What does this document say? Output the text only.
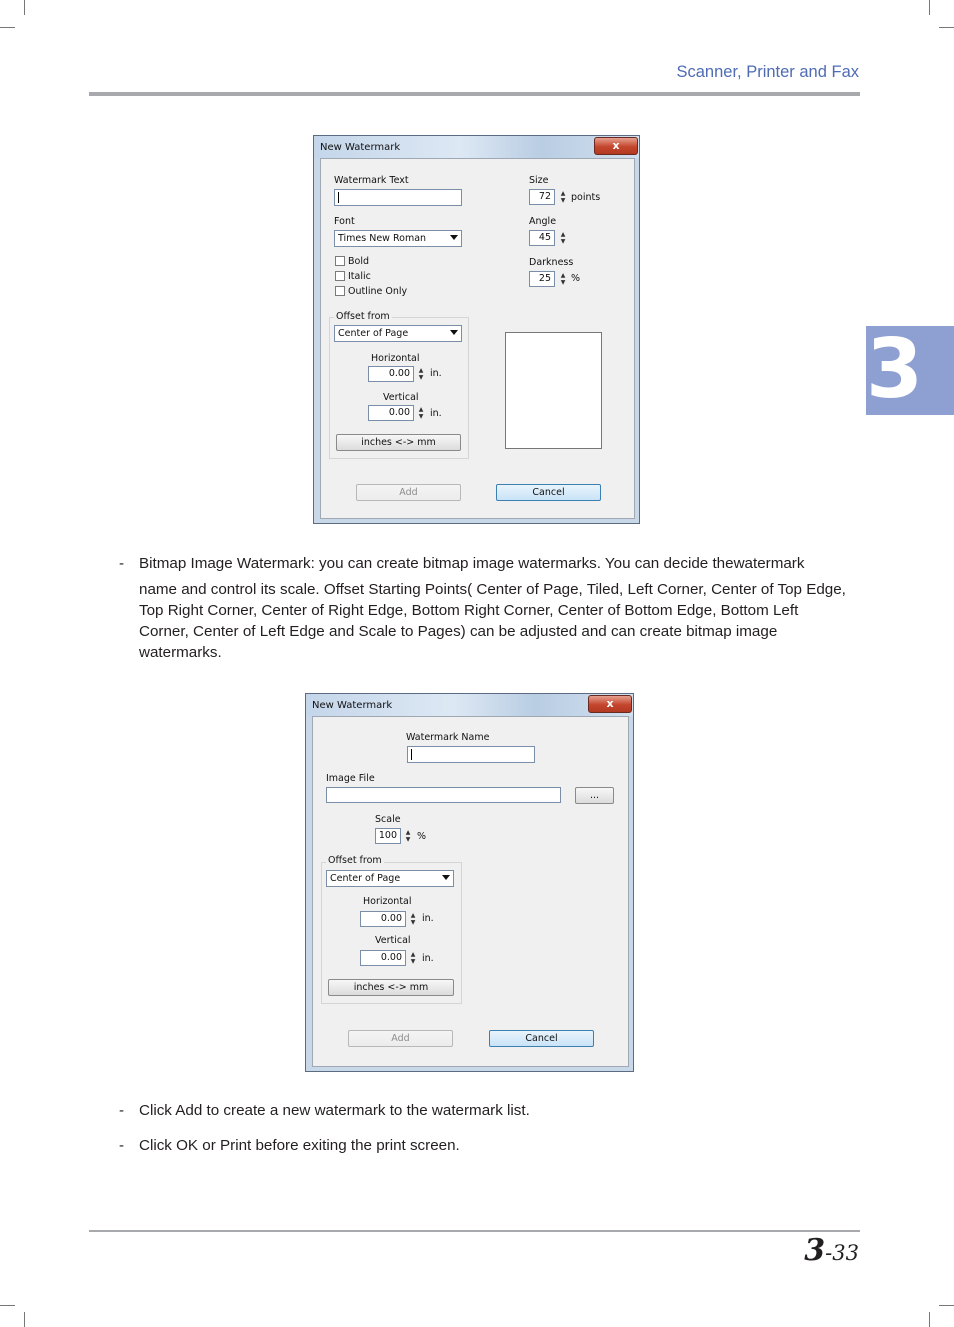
Scanner, Printer and Fax
3
New Watermark	x
Watermark Text	Size
72	▲
▼ points
Font
Times New Roman
Angle
45	▲
▼
Bold
Italic
Outline Only
Darkness
25	▲
▼ %
Offset from
Center of Page
Horizontal
0.00	▲
▼ in.
Vertical
0.00	▲
▼ in.
inches <-> mm
Add	Cancel
- Bitmap Image Watermark: you can create bitmap image watermarks. You can decide thewatermark
name and control its scale. Offset Starting Points( Center of Page, Tiled, Left Corner, Center of Top Edge, Top Right Corner, Center of Right Edge, Bottom Right Corner, Center of Bottom Edge, Bottom Left Corner, Center of Left Edge and Scale to Pages) can be adjusted and can create bitmap image watermarks.
New Watermark	x
Watermark Name
Image File
...
Scale
100	▲
▼ %
Offset from
Center of Page
Horizontal
0.00	▲
▼ in.
Vertical
0.00	▲
▼ in.
inches <-> mm
Add	Cancel
- Click Add to create a new watermark to the watermark list.
- Click OK or Print before exiting the print screen.
3-33
